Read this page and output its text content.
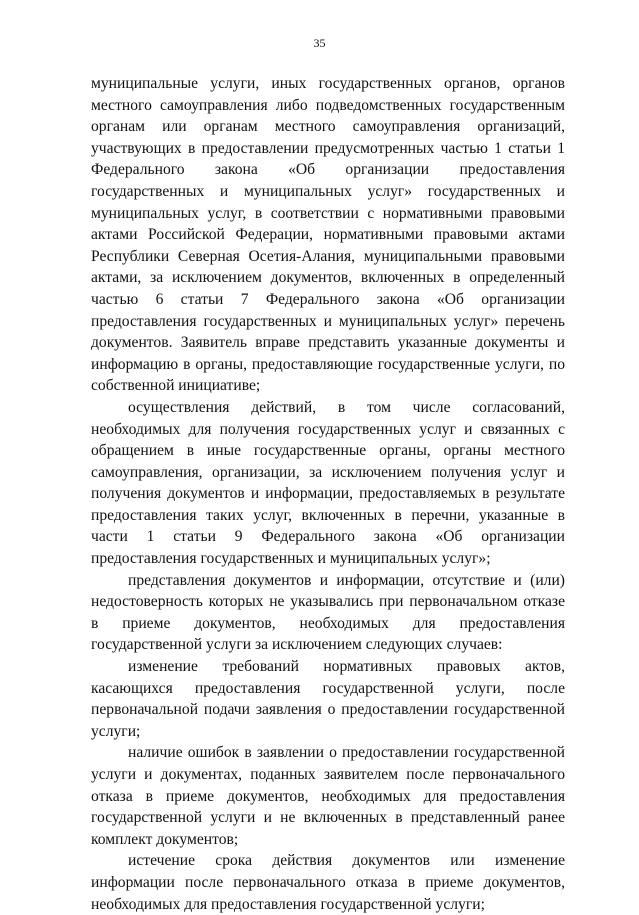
35

муниципальные услуги, иных государственных органов, органов местного самоуправления либо подведомственных государственным органам или органам местного самоуправления организаций, участвующих в предоставлении предусмотренных частью 1 статьи 1 Федерального закона «Об организации предоставления государственных и муниципальных услуг» государственных и муниципальных услуг, в соответствии с нормативными правовыми актами Российской Федерации, нормативными правовыми актами Республики Северная Осетия-Алания, муниципальными правовыми актами, за исключением документов, включенных в определенный частью 6 статьи 7 Федерального закона «Об организации предоставления государственных и муниципальных услуг» перечень документов. Заявитель вправе представить указанные документы и информацию в органы, предоставляющие государственные услуги, по собственной инициативе;

осуществления действий, в том числе согласований, необходимых для получения государственных услуг и связанных с обращением в иные государственные органы, органы местного самоуправления, организации, за исключением получения услуг и получения документов и информации, предоставляемых в результате предоставления таких услуг, включенных в перечни, указанные в части 1 статьи 9 Федерального закона «Об организации предоставления государственных и муниципальных услуг»;

представления документов и информации, отсутствие и (или) недостоверность которых не указывались при первоначальном отказе в приеме документов, необходимых для предоставления государственной услуги за исключением следующих случаев:

изменение требований нормативных правовых актов, касающихся предоставления государственной услуги, после первоначальной подачи заявления о предоставлении государственной услуги;

наличие ошибок в заявлении о предоставлении государственной услуги и документах, поданных заявителем после первоначального отказа в приеме документов, необходимых для предоставления государственной услуги и не включенных в представленный ранее комплект документов;

истечение срока действия документов или изменение информации после первоначального отказа в приеме документов, необходимых для предоставления государственной услуги;
